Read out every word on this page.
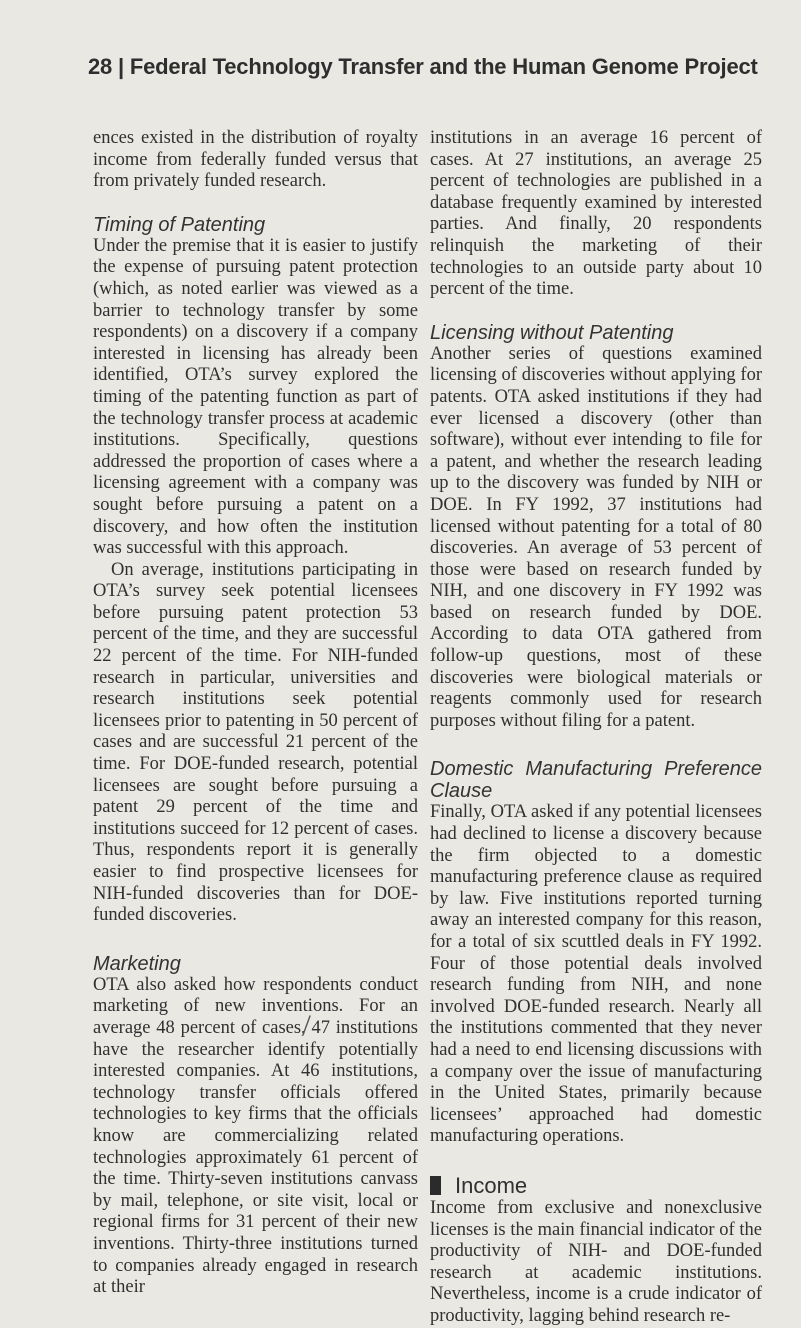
28 | Federal Technology Transfer and the Human Genome Project

ences existed in the distribution of royalty income from federally funded versus that from privately funded research.

Timing of Patenting

Under the premise that it is easier to justify the expense of pursuing patent protection (which, as noted earlier was viewed as a barrier to technology transfer by some respondents) on a discovery if a company interested in licensing has already been identified, OTA’s survey explored the timing of the patenting function as part of the technology transfer process at academic institutions. Specifically, questions addressed the proportion of cases where a licensing agreement with a company was sought before pursuing a patent on a discovery, and how often the institution was successful with this approach.

On average, institutions participating in OTA’s survey seek potential licensees before pursuing patent protection 53 percent of the time, and they are successful 22 percent of the time. For NIH-funded research in particular, universities and research institutions seek potential licensees prior to patenting in 50 percent of cases and are successful 21 percent of the time. For DOE-funded research, potential licensees are sought before pursuing a patent 29 percent of the time and institutions succeed for 12 percent of cases. Thus, respondents report it is generally easier to find prospective licensees for NIH-funded discoveries than for DOE-funded discoveries.

Marketing

OTA also asked how respondents conduct marketing of new inventions. For an average 48 percent of cases, 47 institutions have the researcher identify potentially interested companies. At 46 institutions, technology transfer officials offered technologies to key firms that the officials know are commercializing related technologies approximately 61 percent of the time. Thirty-seven institutions canvass by mail, telephone, or site visit, local or regional firms for 31 percent of their new inventions. Thirty-three institutions turned to companies already engaged in research at their

institutions in an average 16 percent of cases. At 27 institutions, an average 25 percent of technologies are published in a database frequently examined by interested parties. And finally, 20 respondents relinquish the marketing of their technologies to an outside party about 10 percent of the time.

Licensing without Patenting

Another series of questions examined licensing of discoveries without applying for patents. OTA asked institutions if they had ever licensed a discovery (other than software), without ever intending to file for a patent, and whether the research leading up to the discovery was funded by NIH or DOE. In FY 1992, 37 institutions had licensed without patenting for a total of 80 discoveries. An average of 53 percent of those were based on research funded by NIH, and one discovery in FY 1992 was based on research funded by DOE. According to data OTA gathered from follow-up questions, most of these discoveries were biological materials or reagents commonly used for research purposes without filing for a patent.

Domestic Manufacturing Preference Clause

Finally, OTA asked if any potential licensees had declined to license a discovery because the firm objected to a domestic manufacturing preference clause as required by law. Five institutions reported turning away an interested company for this reason, for a total of six scuttled deals in FY 1992. Four of those potential deals involved research funding from NIH, and none involved DOE-funded research. Nearly all the institutions commented that they never had a need to end licensing discussions with a company over the issue of manufacturing in the United States, primarily because licensees’ approached had domestic manufacturing operations.

Income

Income from exclusive and nonexclusive licenses is the main financial indicator of the productivity of NIH- and DOE-funded research at academic institutions. Nevertheless, income is a crude indicator of productivity, lagging behind research re-
